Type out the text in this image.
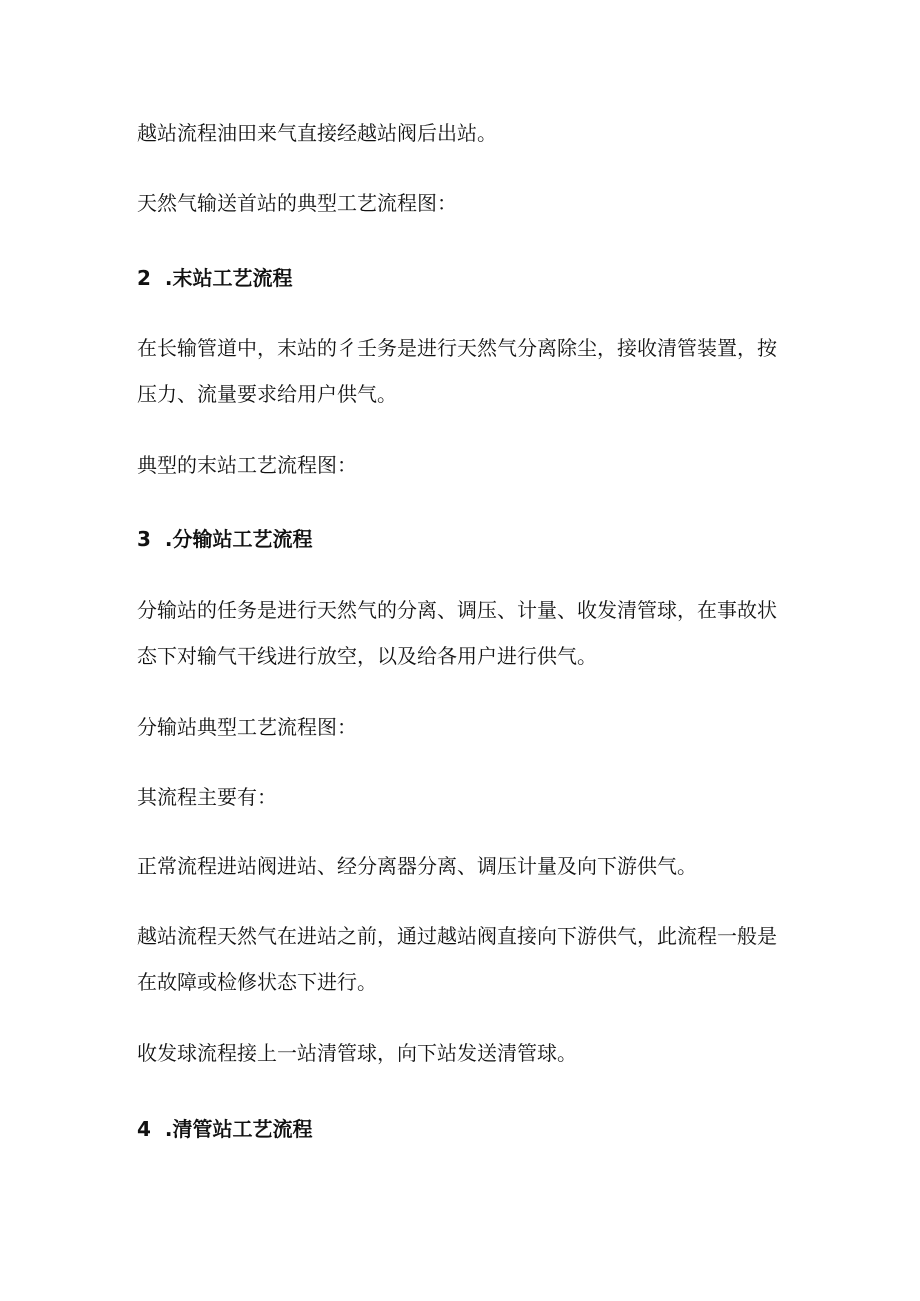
越站流程油田来气直接经越站阀后出站。

天然气输送首站的典型工艺流程图：

2 .末站工艺流程

在长输管道中，末站的彳壬务是进行天然气分离除尘，接收清管装置，按

压力、流量要求给用户供气。

典型的末站工艺流程图：

3 .分输站工艺流程

分输站的任务是进行天然气的分离、调压、计量、收发清管球，在事故状

态下对输气干线进行放空，以及给各用户进行供气。

分输站典型工艺流程图：

其流程主要有：

正常流程进站阀进站、经分离器分离、调压计量及向下游供气。

越站流程天然气在进站之前，通过越站阀直接向下游供气，此流程一般是

在故障或检修状态下进行。

收发球流程接上一站清管球，向下站发送清管球。

4 .清管站工艺流程
